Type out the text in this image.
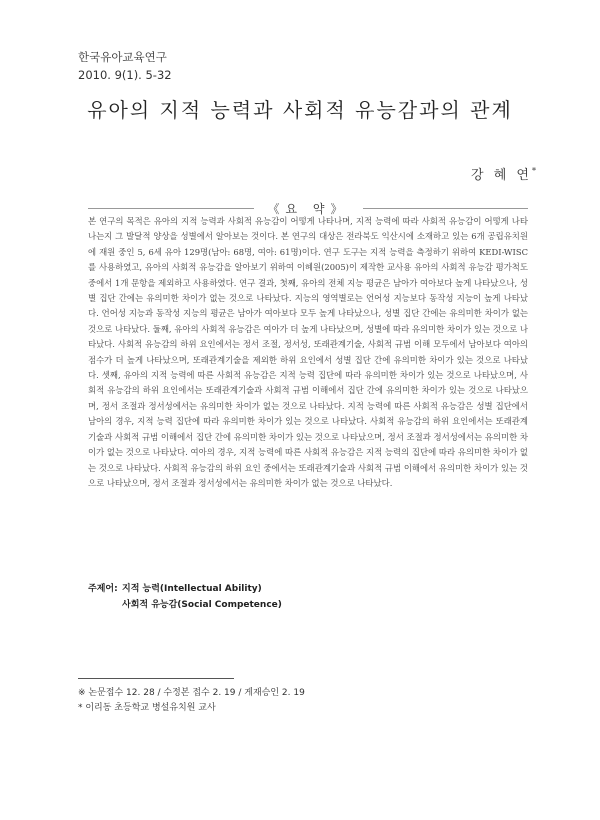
한국유아교육연구
2010. 9(1). 5-32
유아의 지적 능력과 사회적 유능감과의 관계
강 혜 연*
《요 약》

본 연구의 목적은 유아의 지적 능력과 사회적 유능감이 어떻게 나타나며, 지적 능력에 따라 사회적 유능감이 어떻게 나타나는지 그 발달적 양상을 성별에서 알아보는 것이다. 본 연구의 대상은 전라북도 익산시에 소재하고 있는 6개 공립유치원에 재원 중인 5, 6세 유아 129명(남아: 68명, 여아: 61명)이다. 연구 도구는 지적 능력을 측정하기 위하여 KEDI-WISC를 사용하였고, 유아의 사회적 유능감을 알아보기 위하여 이혜원(2005)이 제작한 교사용 유아의 사회적 유능감 평가척도 중에서 1개 문항을 제외하고 사용하였다. 연구 결과, 첫째, 유아의 전체 지능 평균은 남아가 여아보다 높게 나타났으나, 성별 집단 간에는 유의미한 차이가 없는 것으로 나타났다. 지능의 영역별로는 언어성 지능보다 동작성 지능이 높게 나타났다. 언어성 지능과 동작성 지능의 평균은 남아가 여아보다 모두 높게 나타났으나, 성별 집단 간에는 유의미한 차이가 없는 것으로 나타났다. 둘째, 유아의 사회적 유능감은 여아가 더 높게 나타났으며, 성별에 따라 유의미한 차이가 있는 것으로 나타났다. 사회적 유능감의 하위 요인에서는 정서 조절, 정서성, 또래관계기술, 사회적 규범 이해 모두에서 남아보다 여아의 점수가 더 높게 나타났으며, 또래관계기술을 제외한 하위 요인에서 성별 집단 간에 유의미한 차이가 있는 것으로 나타났다. 셋째, 유아의 지적 능력에 따른 사회적 유능감은 지적 능력 집단에 따라 유의미한 차이가 있는 것으로 나타났으며, 사회적 유능감의 하위 요인에서는 또래관계기술과 사회적 규범 이해에서 집단 간에 유의미한 차이가 있는 것으로 나타났으며, 정서 조절과 정서성에서는 유의미한 차이가 없는 것으로 나타났다. 지적 능력에 따른 사회적 유능감은 성별 집단에서 남아의 경우, 지적 능력 집단에 따라 유의미한 차이가 있는 것으로 나타났다. 사회적 유능감의 하위 요인에서는 또래관계기술과 사회적 규범 이해에서 집단 간에 유의미한 차이가 있는 것으로 나타났으며, 정서 조절과 정서성에서는 유의미한 차이가 없는 것으로 나타났다. 여아의 경우, 지적 능력에 따른 사회적 유능감은 지적 능력의 집단에 따라 유의미한 차이가 없는 것으로 나타났다. 사회적 유능감의 하위 요인 중에서는 또래관계기술과 사회적 규범 이해에서 유의미한 차이가 있는 것으로 나타났으며, 정서 조절과 정서성에서는 유의미한 차이가 없는 것으로 나타났다.

주제어: 지적 능력(Intellectual Ability)
사회적 유능감(Social Competence)
※ 논문접수 12. 28 / 수정본 접수 2. 19 / 게재승인 2. 19
* 이리동 초등학교 병설유치원 교사
